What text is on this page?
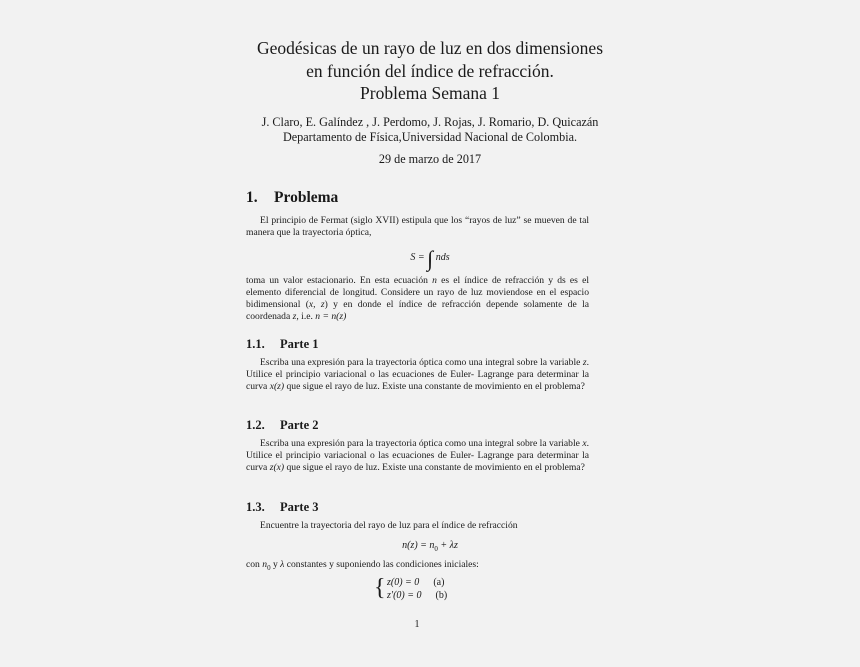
Geodésicas de un rayo de luz en dos dimensiones
en función del índice de refracción.
Problema Semana 1
J. Claro, E. Galíndez , J. Perdomo, J. Rojas, J. Romario, D. Quicazán
Departamento de Física,Universidad Nacional de Colombia.
29 de marzo de 2017
1. Problema
El principio de Fermat (siglo XVII) estipula que los “rayos de luz” se mueven de tal manera que la trayectoria óptica,
S = ∫ nds
toma un valor estacionario. En esta ecuación n es el índice de refracción y ds es el elemento diferencial de longitud. Considere un rayo de luz moviendose en el espacio bidimensional (x, z) y en donde el índice de refracción depende solamente de la coordenada z, i.e. n = n(z)
1.1. Parte 1
Escriba una expresión para la trayectoria óptica como una integral sobre la variable z. Utilice el principio variacional o las ecuaciones de Euler- Lagrange para determinar la curva x(z) que sigue el rayo de luz. Existe una constante de movimiento en el problema?
1.2. Parte 2
Escriba una expresión para la trayectoria óptica como una integral sobre la variable x. Utilice el principio variacional o las ecuaciones de Euler- Lagrange para determinar la curva z(x) que sigue el rayo de luz. Existe una constante de movimiento en el problema?
1.3. Parte 3
Encuentre la trayectoria del rayo de luz para el índice de refracción
$n(z) = n_0 + \lambda z$
con $n_0$ y λ constantes y suponiendo las condiciones iniciales:
{ z(0) = 0 (a)
z′(0) = 0 (b)
1
